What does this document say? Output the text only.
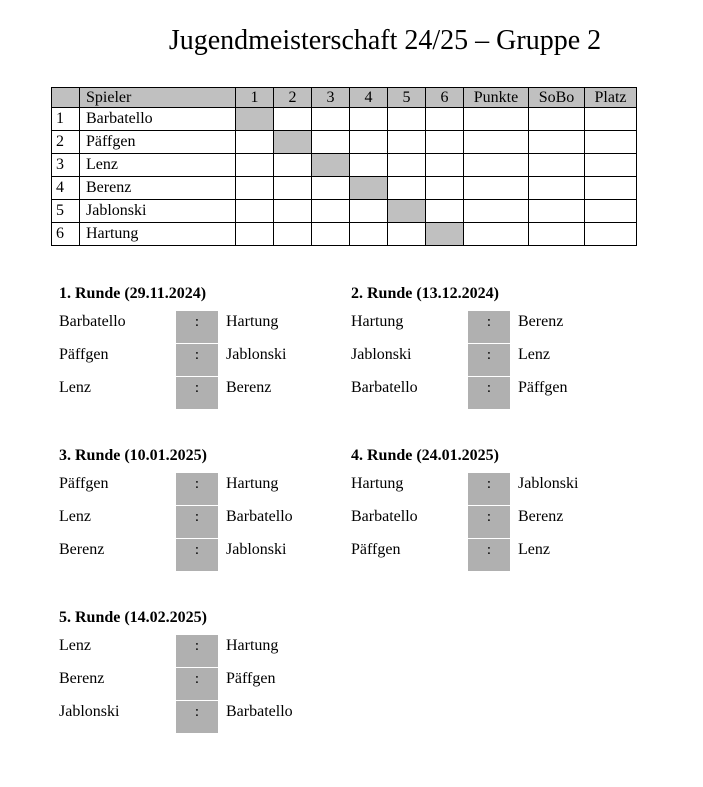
Jugendmeisterschaft 24/25 – Gruppe 2
	Spieler	1	2	3	4	5	6	Punkte	SoBo	Platz
1	Barbatello									
2	Päffgen									
3	Lenz									
4	Berenz									
5	Jablonski									
6	Hartung									
1. Runde (29.11.2024)
Barbatello	:	Hartung
Päffgen	:	Jablonski
Lenz	:	Berenz
2. Runde (13.12.2024)
Hartung	:	Berenz
Jablonski	:	Lenz
Barbatello	:	Päffgen
3. Runde (10.01.2025)
Päffgen	:	Hartung
Lenz	:	Barbatello
Berenz	:	Jablonski
4. Runde (24.01.2025)
Hartung	:	Jablonski
Barbatello	:	Berenz
Päffgen	:	Lenz
5. Runde (14.02.2025)
Lenz	:	Hartung
Berenz	:	Päffgen
Jablonski	:	Barbatello
